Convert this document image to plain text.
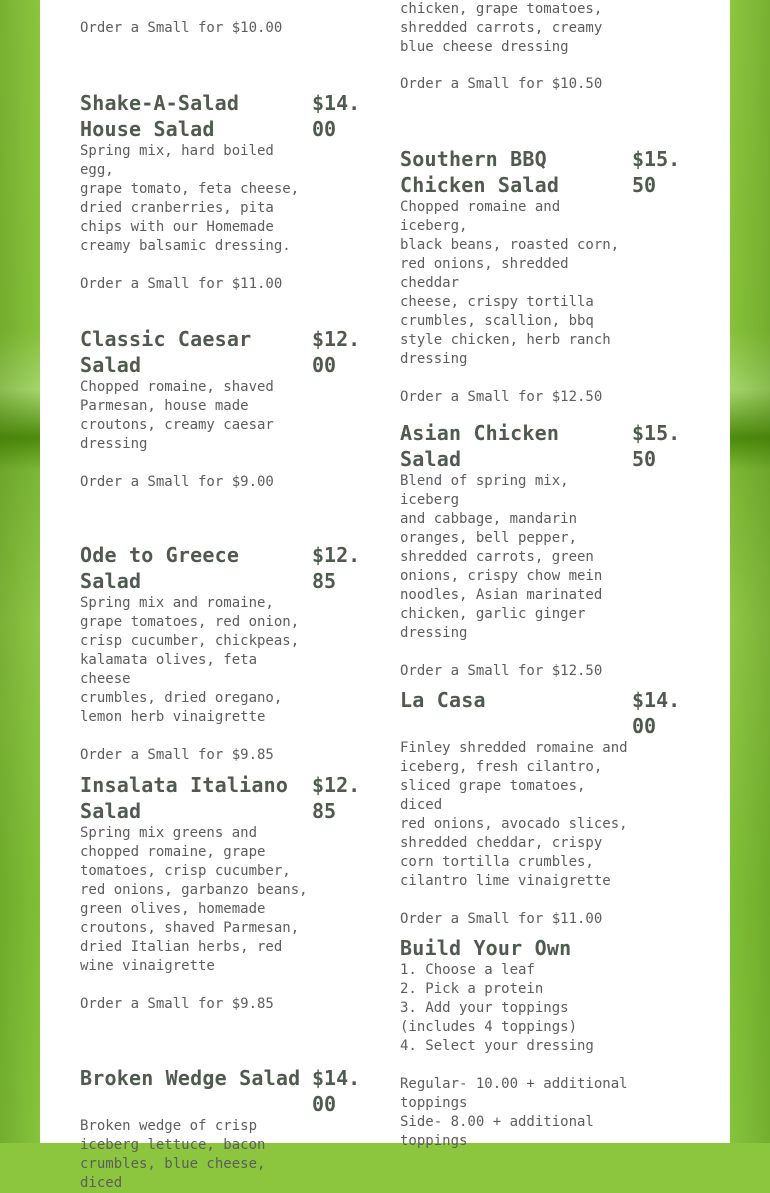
Order a Small for $10.00
chicken, grape tomatoes,
shredded carrots, creamy
blue cheese dressing
Order a Small for $10.50
Shake-A-Salad House Salad
$14.00
Spring mix, hard boiled egg,
grape tomato, feta cheese,
dried cranberries, pita
chips with our Homemade
creamy balsamic dressing.
Order a Small for $11.00
Classic Caesar Salad
$12.00
Chopped romaine, shaved
Parmesan, house made
croutons, creamy caesar
dressing
Order a Small for $9.00
Ode to Greece Salad
$12.85
Spring mix and romaine,
grape tomatoes, red onion,
crisp cucumber, chickpeas,
kalamata olives, feta cheese
crumbles, dried oregano,
lemon herb vinaigrette
Order a Small for $9.85
Insalata Italiano Salad
$12.85
Spring mix greens and
chopped romaine, grape
tomatoes, crisp cucumber,
red onions, garbanzo beans,
green olives, homemade
croutons, shaved Parmesan,
dried Italian herbs, red
wine vinaigrette
Order a Small for $9.85
Broken Wedge Salad $14.00
Broken wedge of crisp
iceberg lettuce, bacon
crumbles, blue cheese, diced
Southern BBQ Chicken Salad
$15.50
Chopped romaine and iceberg,
black beans, roasted corn,
red onions, shredded cheddar
cheese, crispy tortilla
crumbles, scallion, bbq
style chicken, herb ranch
dressing
Order a Small for $12.50
Asian Chicken Salad
$15.50
Blend of spring mix, iceberg
and cabbage, mandarin
oranges, bell pepper,
shredded carrots, green
onions, crispy chow mein
noodles, Asian marinated
chicken, garlic ginger
dressing
Order a Small for $12.50
La Casa	$14.00
Finley shredded romaine and
iceberg, fresh cilantro,
sliced grape tomatoes, diced
red onions, avocado slices,
shredded cheddar, crispy
corn tortilla crumbles,
cilantro lime vinaigrette
Order a Small for $11.00
Build Your Own
1. Choose a leaf
2. Pick a protein
3. Add your toppings
(includes 4 toppings)
4. Select your dressing
Regular- 10.00 + additional
toppings
Side- 8.00 + additional
toppings
